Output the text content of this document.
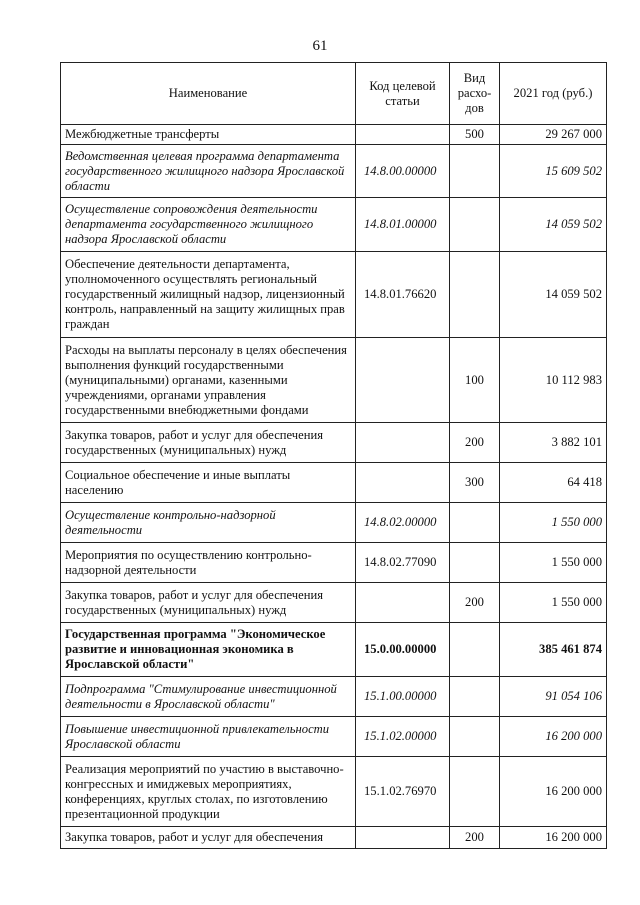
61
Наименование	Код целевой статьи	Вид расхо-дов	2021 год (руб.)
Межбюджетные трансферты		500	29 267 000
Ведомственная целевая программа департамента государственного жилищного надзора Ярославской области	14.8.00.00000		15 609 502
Осуществление сопровождения деятельности департамента государственного жилищного надзора Ярославской области	14.8.01.00000		14 059 502
Обеспечение деятельности департамента, уполномоченного осуществлять региональный государственный жилищный надзор, лицензионный контроль, направленный на защиту жилищных прав граждан	14.8.01.76620		14 059 502
Расходы на выплаты персоналу в целях обеспечения выполнения функций государственными (муниципальными) органами, казенными учреждениями, органами управления государственными внебюджетными фондами		100	10 112 983
Закупка товаров, работ и услуг для обеспечения государственных (муниципальных) нужд		200	3 882 101
Социальное обеспечение и иные выплаты населению		300	64 418
Осуществление контрольно-надзорной деятельности	14.8.02.00000		1 550 000
Мероприятия по осуществлению контрольно-надзорной деятельности	14.8.02.77090		1 550 000
Закупка товаров, работ и услуг для обеспечения государственных (муниципальных) нужд		200	1 550 000
Государственная программа "Экономическое развитие и инновационная экономика в Ярославской области"	15.0.00.00000		385 461 874
Подпрограмма "Стимулирование инвестиционной деятельности в Ярославской области"	15.1.00.00000		91 054 106
Повышение инвестиционной привлекательности Ярославской области	15.1.02.00000		16 200 000
Реализация мероприятий по участию в выставочно-конгрессных и имиджевых мероприятиях, конференциях, круглых столах, по изготовлению презентационной продукции	15.1.02.76970		16 200 000
Закупка товаров, работ и услуг для обеспечения		200	16 200 000
